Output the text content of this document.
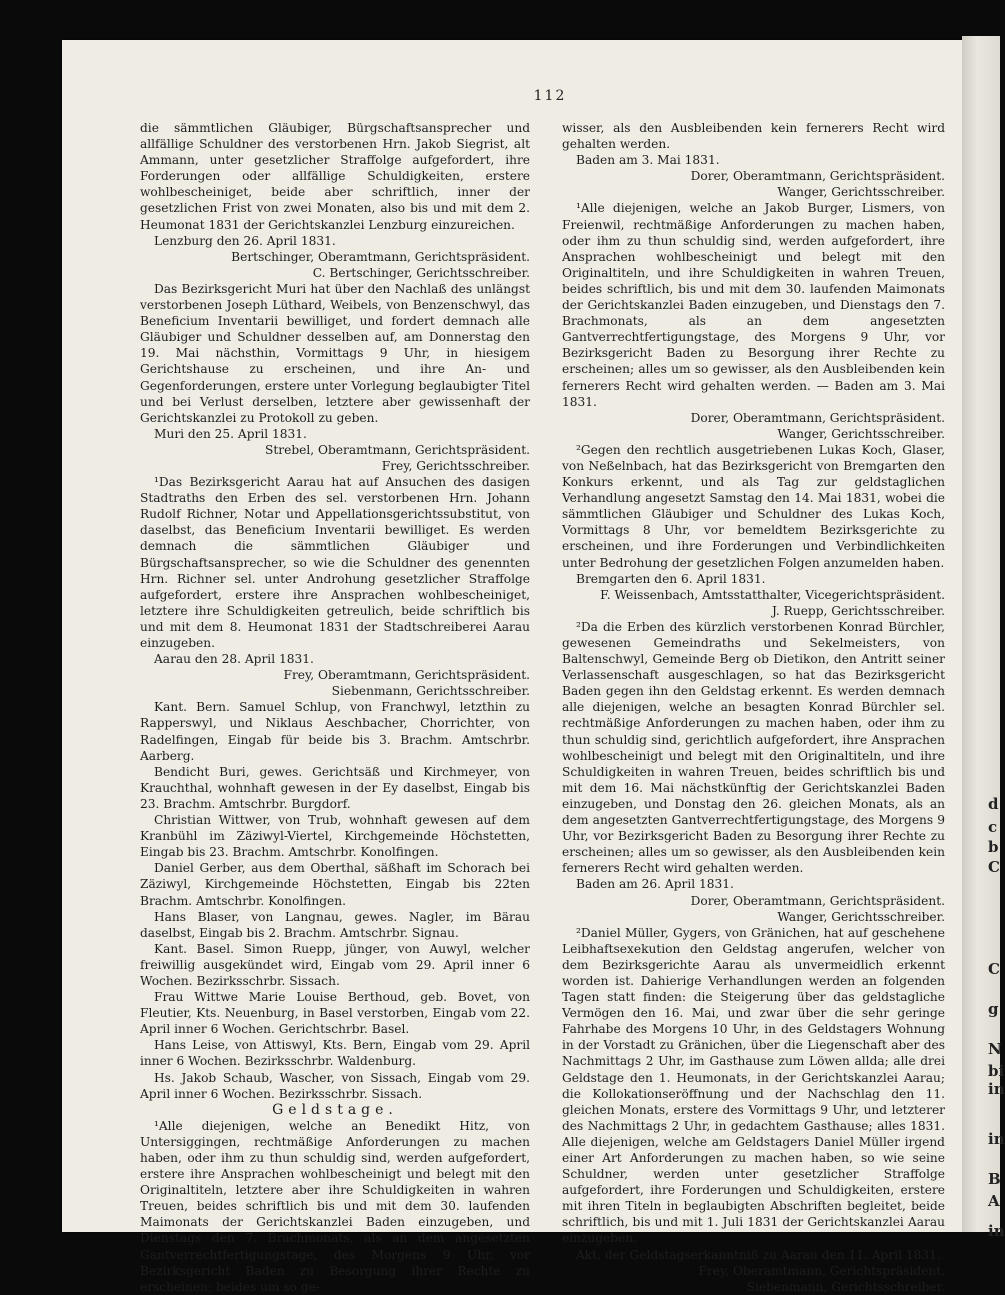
d
c
b
C
C
g
N
bi
in
in
B
A
in
112

die sämmtlichen Gläubiger, Bürgschaftsansprecher und allfällige Schuldner des verstorbenen Hrn. Jakob Siegrist, alt Ammann, unter gesetzlicher Straffolge aufgefordert, ihre Forderungen oder allfällige Schuldigkeiten, erstere wohlbescheiniget, beide aber schriftlich, inner der gesetzlichen Frist von zwei Monaten, also bis und mit dem 2. Heumonat 1831 der Gerichtskanzlei Lenzburg einzureichen.

Lenzburg den 26. April 1831.

Bertschinger, Oberamtmann, Gerichtspräsident.

C. Bertschinger, Gerichtsschreiber.

Das Bezirksgericht Muri hat über den Nachlaß des unlängst verstorbenen Joseph Lüthard, Weibels, von Benzenschwyl, das Beneficium Inventarii bewilliget, und fordert demnach alle Gläubiger und Schuldner desselben auf, am Donnerstag den 19. Mai nächsthin, Vormittags 9 Uhr, in hiesigem Gerichtshause zu erscheinen, und ihre An- und Gegenforderungen, erstere unter Vorlegung beglaubigter Titel und bei Verlust derselben, letztere aber gewissenhaft der Gerichtskanzlei zu Protokoll zu geben.

Muri den 25. April 1831.

Strebel, Oberamtmann, Gerichtspräsident.

Frey, Gerichtsschreiber.

¹Das Bezirksgericht Aarau hat auf Ansuchen des dasigen Stadtraths den Erben des sel. verstorbenen Hrn. Johann Rudolf Richner, Notar und Appellationsgerichtssubstitut, von daselbst, das Beneficium Inventarii bewilliget. Es werden demnach die sämmtlichen Gläubiger und Bürgschaftsansprecher, so wie die Schuldner des genennten Hrn. Richner sel. unter Androhung gesetzlicher Straffolge aufgefordert, erstere ihre Ansprachen wohlbescheiniget, letztere ihre Schuldigkeiten getreulich, beide schriftlich bis und mit dem 8. Heumonat 1831 der Stadtschreiberei Aarau einzugeben.

Aarau den 28. April 1831.

Frey, Oberamtmann, Gerichtspräsident.

Siebenmann, Gerichtsschreiber.

Kant. Bern. Samuel Schlup, von Franchwyl, letzthin zu Rapperswyl, und Niklaus Aeschbacher, Chorrichter, von Radelfingen, Eingab für beide bis 3. Brachm. Amtschrbr. Aarberg.

Bendicht Buri, gewes. Gerichtsäß und Kirchmeyer, von Krauchthal, wohnhaft gewesen in der Ey daselbst, Eingab bis 23. Brachm. Amtschrbr. Burgdorf.

Christian Wittwer, von Trub, wohnhaft gewesen auf dem Kranbühl im Zäziwyl-Viertel, Kirchgemeinde Höchstetten, Eingab bis 23. Brachm. Amtschrbr. Konolfingen.

Daniel Gerber, aus dem Oberthal, säßhaft im Schorach bei Zäziwyl, Kirchgemeinde Höchstetten, Eingab bis 22ten Brachm. Amtschrbr. Konolfingen.

Hans Blaser, von Langnau, gewes. Nagler, im Bärau daselbst, Eingab bis 2. Brachm. Amtschrbr. Signau.

Kant. Basel. Simon Ruepp, jünger, von Auwyl, welcher freiwillig ausgekündet wird, Eingab vom 29. April inner 6 Wochen. Bezirksschrbr. Sissach.

Frau Wittwe Marie Louise Berthoud, geb. Bovet, von Fleutier, Kts. Neuenburg, in Basel verstorben, Eingab vom 22. April inner 6 Wochen. Gerichtschrbr. Basel.

Hans Leise, von Attiswyl, Kts. Bern, Eingab vom 29. April inner 6 Wochen. Bezirksschrbr. Waldenburg.

Hs. Jakob Schaub, Wascher, von Sissach, Eingab vom 29. April inner 6 Wochen. Bezirksschrbr. Sissach.

Geldstage.

¹Alle diejenigen, welche an Benedikt Hitz, von Untersiggingen, rechtmäßige Anforderungen zu machen haben, oder ihm zu thun schuldig sind, werden aufgefordert, erstere ihre Ansprachen wohlbescheinigt und belegt mit den Originaltiteln, letztere aber ihre Schuldigkeiten in wahren Treuen, beides schriftlich bis und mit dem 30. laufenden Maimonats der Gerichtskanzlei Baden einzugeben, und Dienstags den 7. Brachmonats, als an dem angesetzten Gantverrechtfertigungstage, des Morgens 9 Uhr, vor Bezirksgericht Baden zu Besorgung ihrer Rechte zu erscheinen; beides um so ge-

wisser, als den Ausbleibenden kein fernerers Recht wird gehalten werden.

Baden am 3. Mai 1831.

Dorer, Oberamtmann, Gerichtspräsident.

Wanger, Gerichtsschreiber.

¹Alle diejenigen, welche an Jakob Burger, Lismers, von Freienwil, rechtmäßige Anforderungen zu machen haben, oder ihm zu thun schuldig sind, werden aufgefordert, ihre Ansprachen wohlbescheinigt und belegt mit den Originaltiteln, und ihre Schuldigkeiten in wahren Treuen, beides schriftlich, bis und mit dem 30. laufenden Maimonats der Gerichtskanzlei Baden einzugeben, und Dienstags den 7. Brachmonats, als an dem angesetzten Gantverrechtfertigungstage, des Morgens 9 Uhr, vor Bezirksgericht Baden zu Besorgung ihrer Rechte zu erscheinen; alles um so gewisser, als den Ausbleibenden kein fernerers Recht wird gehalten werden. — Baden am 3. Mai 1831.

Dorer, Oberamtmann, Gerichtspräsident.

Wanger, Gerichtsschreiber.

²Gegen den rechtlich ausgetriebenen Lukas Koch, Glaser, von Neßelnbach, hat das Bezirksgericht von Bremgarten den Konkurs erkennt, und als Tag zur geldstaglichen Verhandlung angesetzt Samstag den 14. Mai 1831, wobei die sämmtlichen Gläubiger und Schuldner des Lukas Koch, Vormittags 8 Uhr, vor bemeldtem Bezirksgerichte zu erscheinen, und ihre Forderungen und Verbindlichkeiten unter Bedrohung der gesetzlichen Folgen anzumelden haben.

Bremgarten den 6. April 1831.

F. Weissenbach, Amtsstatthalter, Vicegerichtspräsident.

J. Ruepp, Gerichtsschreiber.

²Da die Erben des kürzlich verstorbenen Konrad Bürchler, gewesenen Gemeindraths und Sekelmeisters, von Baltenschwyl, Gemeinde Berg ob Dietikon, den Antritt seiner Verlassenschaft ausgeschlagen, so hat das Bezirksgericht Baden gegen ihn den Geldstag erkennt. Es werden demnach alle diejenigen, welche an besagten Konrad Bürchler sel. rechtmäßige Anforderungen zu machen haben, oder ihm zu thun schuldig sind, gerichtlich aufgefordert, ihre Ansprachen wohlbescheinigt und belegt mit den Originaltiteln, und ihre Schuldigkeiten in wahren Treuen, beides schriftlich bis und mit dem 16. Mai nächstkünftig der Gerichtskanzlei Baden einzugeben, und Donstag den 26. gleichen Monats, als an dem angesetzten Gantverrechtfertigungstage, des Morgens 9 Uhr, vor Bezirksgericht Baden zu Besorgung ihrer Rechte zu erscheinen; alles um so gewisser, als den Ausbleibenden kein fernerers Recht wird gehalten werden.

Baden am 26. April 1831.

Dorer, Oberamtmann, Gerichtspräsident.

Wanger, Gerichtsschreiber.

²Daniel Müller, Gygers, von Gränichen, hat auf geschehene Leibhaftsexekution den Geldstag angerufen, welcher von dem Bezirksgerichte Aarau als unvermeidlich erkennt worden ist. Dahierige Verhandlungen werden an folgenden Tagen statt finden: die Steigerung über das geldstagliche Vermögen den 16. Mai, und zwar über die sehr geringe Fahrhabe des Morgens 10 Uhr, in des Geldstagers Wohnung in der Vorstadt zu Gränichen, über die Liegenschaft aber des Nachmittags 2 Uhr, im Gasthause zum Löwen allda; alle drei Geldstage den 1. Heumonats, in der Gerichtskanzlei Aarau; die Kollokationseröffnung und der Nachschlag den 11. gleichen Monats, erstere des Vormittags 9 Uhr, und letzterer des Nachmittags 2 Uhr, in gedachtem Gasthause; alles 1831. Alle diejenigen, welche am Geldstagers Daniel Müller irgend einer Art Anforderungen zu machen haben, so wie seine Schuldner, werden unter gesetzlicher Straffolge aufgefordert, ihre Forderungen und Schuldigkeiten, erstere mit ihren Titeln in beglaubigten Abschriften begleitet, beide schriftlich, bis und mit 1. Juli 1831 der Gerichtskanzlei Aarau einzugeben.

Akt. der Geldstagserkanntniß zu Aarau den 11. April 1831.

Frey, Oberamtmann, Gerichtspräsident.

Siebenmann, Gerichtsschreiber.
